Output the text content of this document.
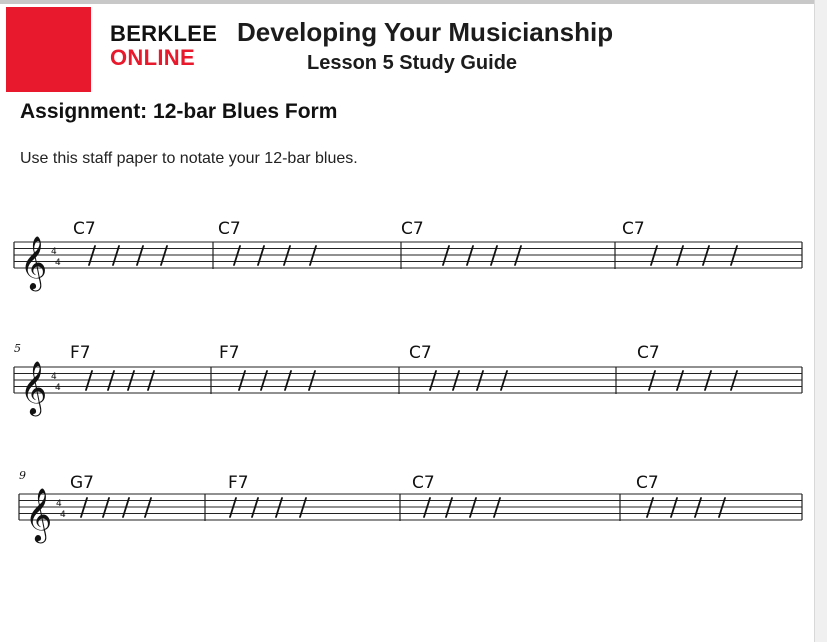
BERKLEE
ONLINE
Developing Your Musicianship
Lesson 5 Study Guide
Assignment: 12-bar Blues Form
Use this staff paper to notate your 12-bar blues.
𝄞 4
4
C7	C7	C7	C7
𝄞 4
4
5	F7	F7	C7	C7
𝄞 4
4
9	G7	F7	C7	C7
